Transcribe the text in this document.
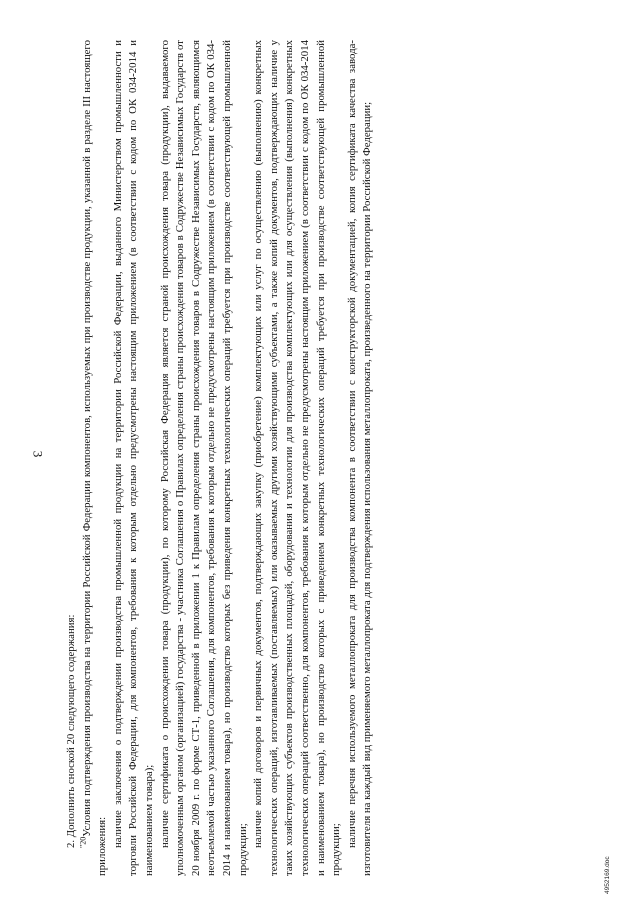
3

2. Дополнить сноской 20 следующего содержания: $^{"20}$Условия подтверждения производства на территории Российской Федерации компонентов, используемых при производстве продукции, указанной в разделе III настоящего приложения: наличие заключения о подтверждении производства промышленной продукции на территории Российской Федерации, выданного Министерством промышленности и торговли Российской Федерации, для компонентов, требования к которым отдельно предусмотрены настоящим приложением (в соответствии с кодом по ОК 034-2014 и наименованием товара); наличие сертификата о происхождении товара (продукции), по которому Российская Федерация является страной происхождения товара (продукции), выдаваемого уполномоченным органом (организацией) государства - участника Соглашения о Правилах определения страны происхождения товаров в Содружестве Независимых Государств от 20 ноября 2009 г. по форме СТ-1, приведенной в приложении 1 к Правилам определения страны происхождения товаров в Содружестве Независимых Государств, являющимся неотъемлемой частью указанного Соглашения, для компонентов, требования к которым отдельно не предусмотрены настоящим приложением (в соответствии с кодом по ОК 034-2014 и наименованием товара), но производство которых без приведения конкретных технологических операций требуется при производстве соответствующей промышленной продукции;

наличие копий договоров и первичных документов, подтверждающих закупку (приобретение) комплектующих или услуг по осуществлению (выполнению) конкретных технологических операций, изготавливаемых (поставляемых) или оказываемых другими хозяйствующими субъектами, а также копий документов, подтверждающих наличие у таких хозяйствующих субъектов производственных площадей, оборудования и технологии для производства комплектующих или для осуществления (выполнения) конкретных технологических операций соответственно, для компонентов, требования к которым отдельно не предусмотрены настоящим приложением (в соответствии с кодом по ОК 034-2014 и наименованием товара), но производство которых с приведением конкретных технологических операций требуется при производстве соответствующей промышленной продукции;

наличие перечня используемого металлопроката для производства компонента в соответствии с конструкторской документацией, копия сертификата качества завода-изготовителя на каждый вид применяемого металлопроката для подтверждения использования металлопроката, произведенного на территории Российской Федерации;	4952169.doc
